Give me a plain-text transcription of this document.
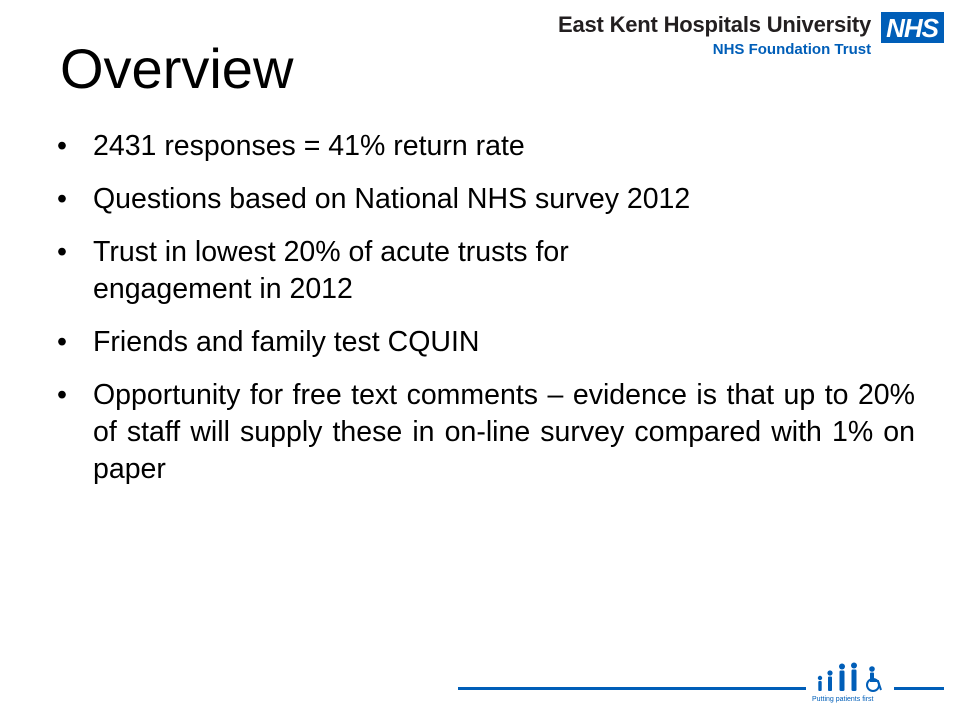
East Kent Hospitals University
NHS Foundation Trust
NHS
Overview
• 2431 responses = 41% return rate
• Questions based on National NHS survey 2012
• Trust in lowest 20% of acute trusts for engagement in 2012
• Friends and family test CQUIN
• Opportunity for free text comments – evidence is that up to 20% of staff will supply these in on-line survey compared with 1% on paper
Putting patients first
